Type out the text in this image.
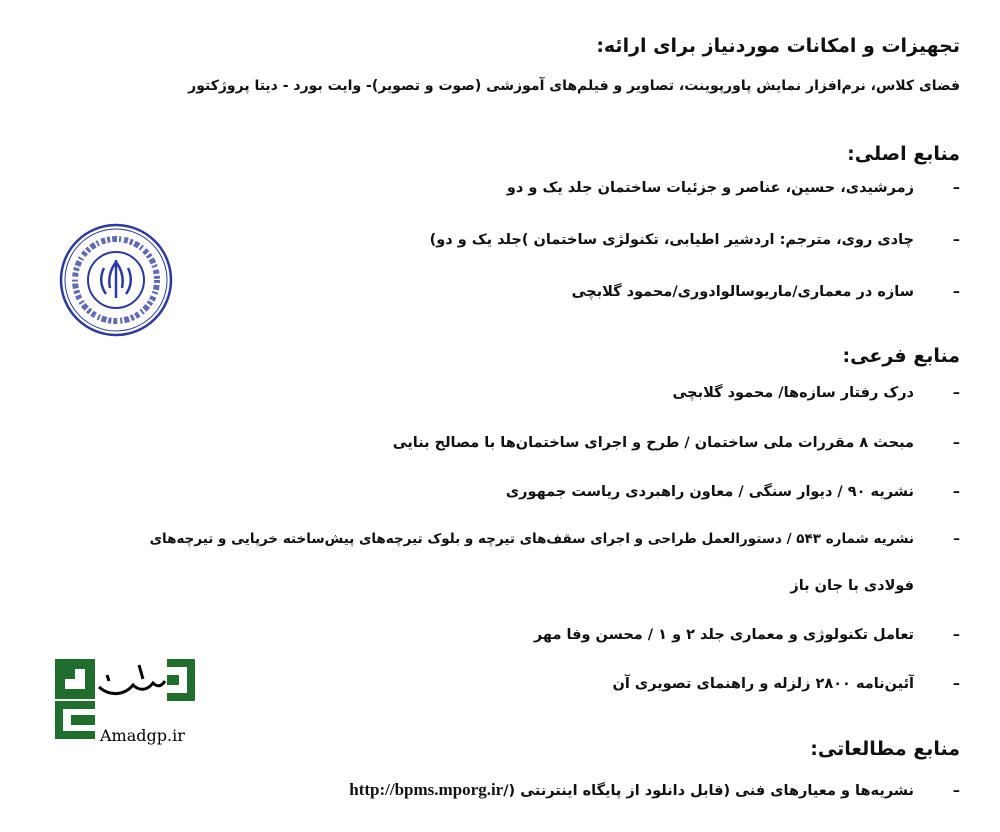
تجهیزات و امکانات موردنیاز برای ارائه:
فضای کلاس، نرم‌افزار نمایش پاورپوینت، تصاویر و فیلم‌های آموزشی (صوت و تصویر)- وایت بورد - دیتا پروژکتور
منابع اصلی:
–زمرشیدی، حسین، عناصر و جزئیات ساختمان جلد یک و دو
–چادی روی، مترجم: اردشیر اطیابی، تکنولژی ساختمان )جلد یک و دو)
–سازه در معماری/ماریوسالوادوری/محمود گلابچی
منابع فرعی:
–درک رفتار سازه‌ها/ محمود گلابچی
–مبحث ۸ مقررات ملی ساختمان / طرح و اجرای ساختمان‌ها با مصالح بنایی
–نشریه ۹۰ / دیوار سنگی / معاون راهبردی ریاست جمهوری
–نشریه شماره ۵۴۳ / دستورالعمل طراحی و اجرای سقف‌های تیرچه و بلوک تیرچه‌های پیش‌ساخته خرپایی و تیرچه‌های
فولادی با جان باز
–تعامل تکنولوژی و معماری جلد ۲ و ۱ / محسن وفا مهر
–آئین‌نامه ۲۸۰۰ زلزله و راهنمای تصویری آن
منابع مطالعاتی:
–نشریه‌ها و معیارهای فنی (قابل دانلود از پایگاه اینترنتی http://bpms.mporg.ir/)
Amadgp.ir
